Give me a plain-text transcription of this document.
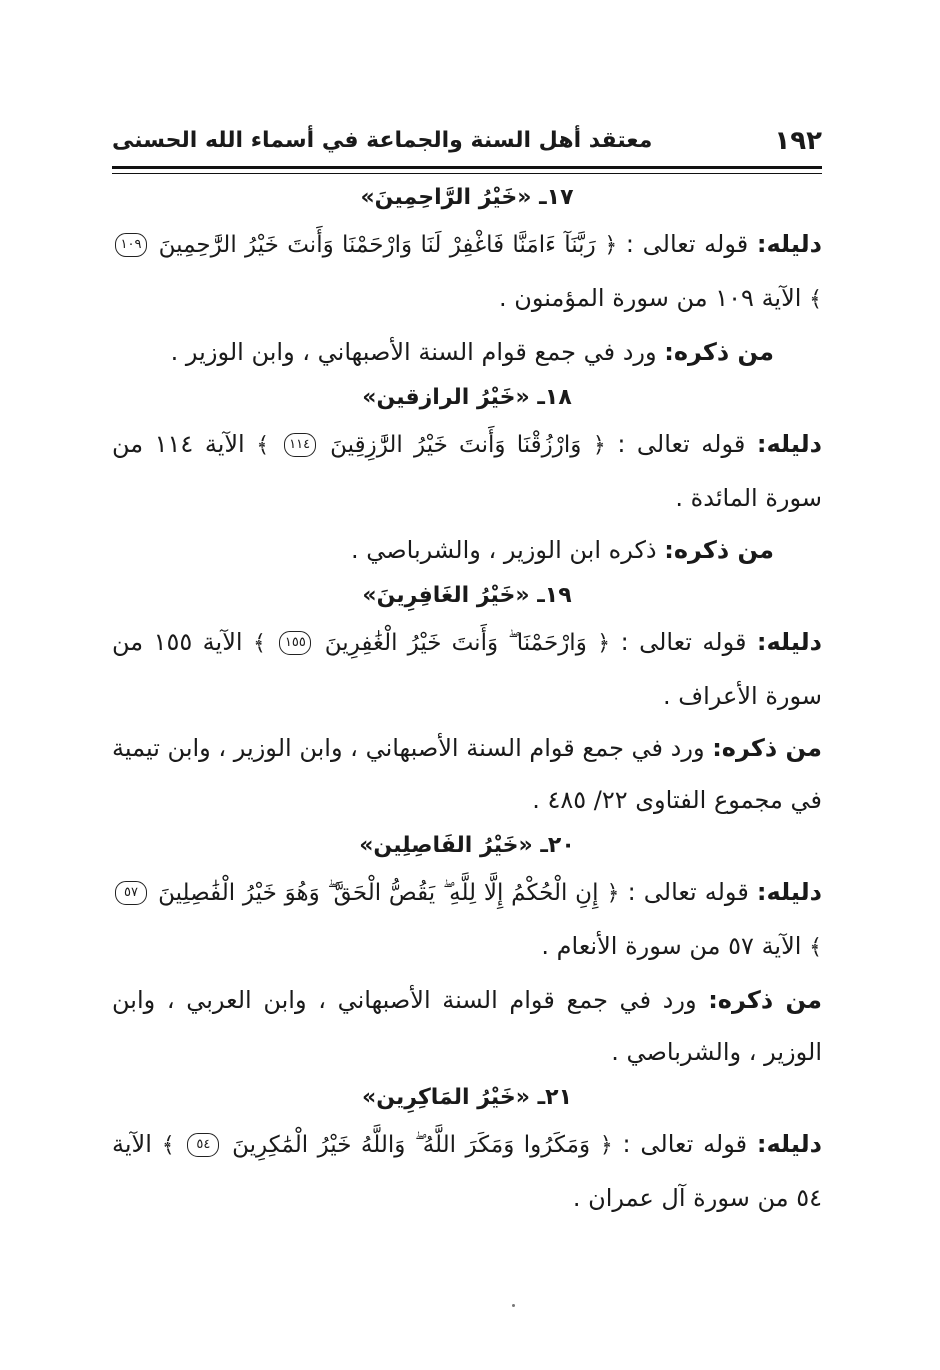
١٩٢
معتقد أهل السنة والجماعة في أسماء الله الحسنى

١٧ـ «خَيْرُ الرَّاحِمِينَ»

دليله: قوله تعالى : ﴿ رَبَّنَآ ءَامَنَّا فَاغْفِرْ لَنَا وَارْحَمْنَا وَأَنتَ خَيْرُ الرَّٰحِمِينَ ١٠٩ ﴾ الآية ١٠٩ من سورة المؤمنون .

من ذكره: ورد في جمع قوام السنة الأصبهاني ، وابن الوزير .

١٨ـ «خَيْرُ الرازقين»

دليله: قوله تعالى : ﴿ وَارْزُقْنَا وَأَنتَ خَيْرُ الرَّٰزِقِينَ ١١٤ ﴾ الآية ١١٤ من سورة المائدة .

من ذكره: ذكره ابن الوزير ، والشرباصي .

١٩ـ «خَيْرُ الغَافِرِينَ»

دليله: قوله تعالى : ﴿ وَارْحَمْنَا ۖ وَأَنتَ خَيْرُ الْغَٰفِرِينَ ١٥٥ ﴾ الآية ١٥٥ من سورة الأعراف .

من ذكره: ورد في جمع قوام السنة الأصبهاني ، وابن الوزير ، وابن تيمية في مجموع الفتاوى ٢٢/ ٤٨٥ .

٢٠ـ «خَيْرُ الفَاصِلِين»

دليله: قوله تعالى : ﴿ إِنِ الْحُكْمُ إِلَّا لِلَّهِ ۖ يَقُصُّ الْحَقَّ ۖ وَهُوَ خَيْرُ الْفَٰصِلِينَ ٥٧ ﴾ الآية ٥٧ من سورة الأنعام .

من ذكره: ورد في جمع قوام السنة الأصبهاني ، وابن العربي ، وابن الوزير ، والشرباصي .

٢١ـ «خَيْرُ المَاكِرِين»

دليله: قوله تعالى : ﴿ وَمَكَرُوا وَمَكَرَ اللَّهُ ۖ وَاللَّهُ خَيْرُ الْمَٰكِرِينَ ٥٤ ﴾ الآية ٥٤ من سورة آل عمران .
